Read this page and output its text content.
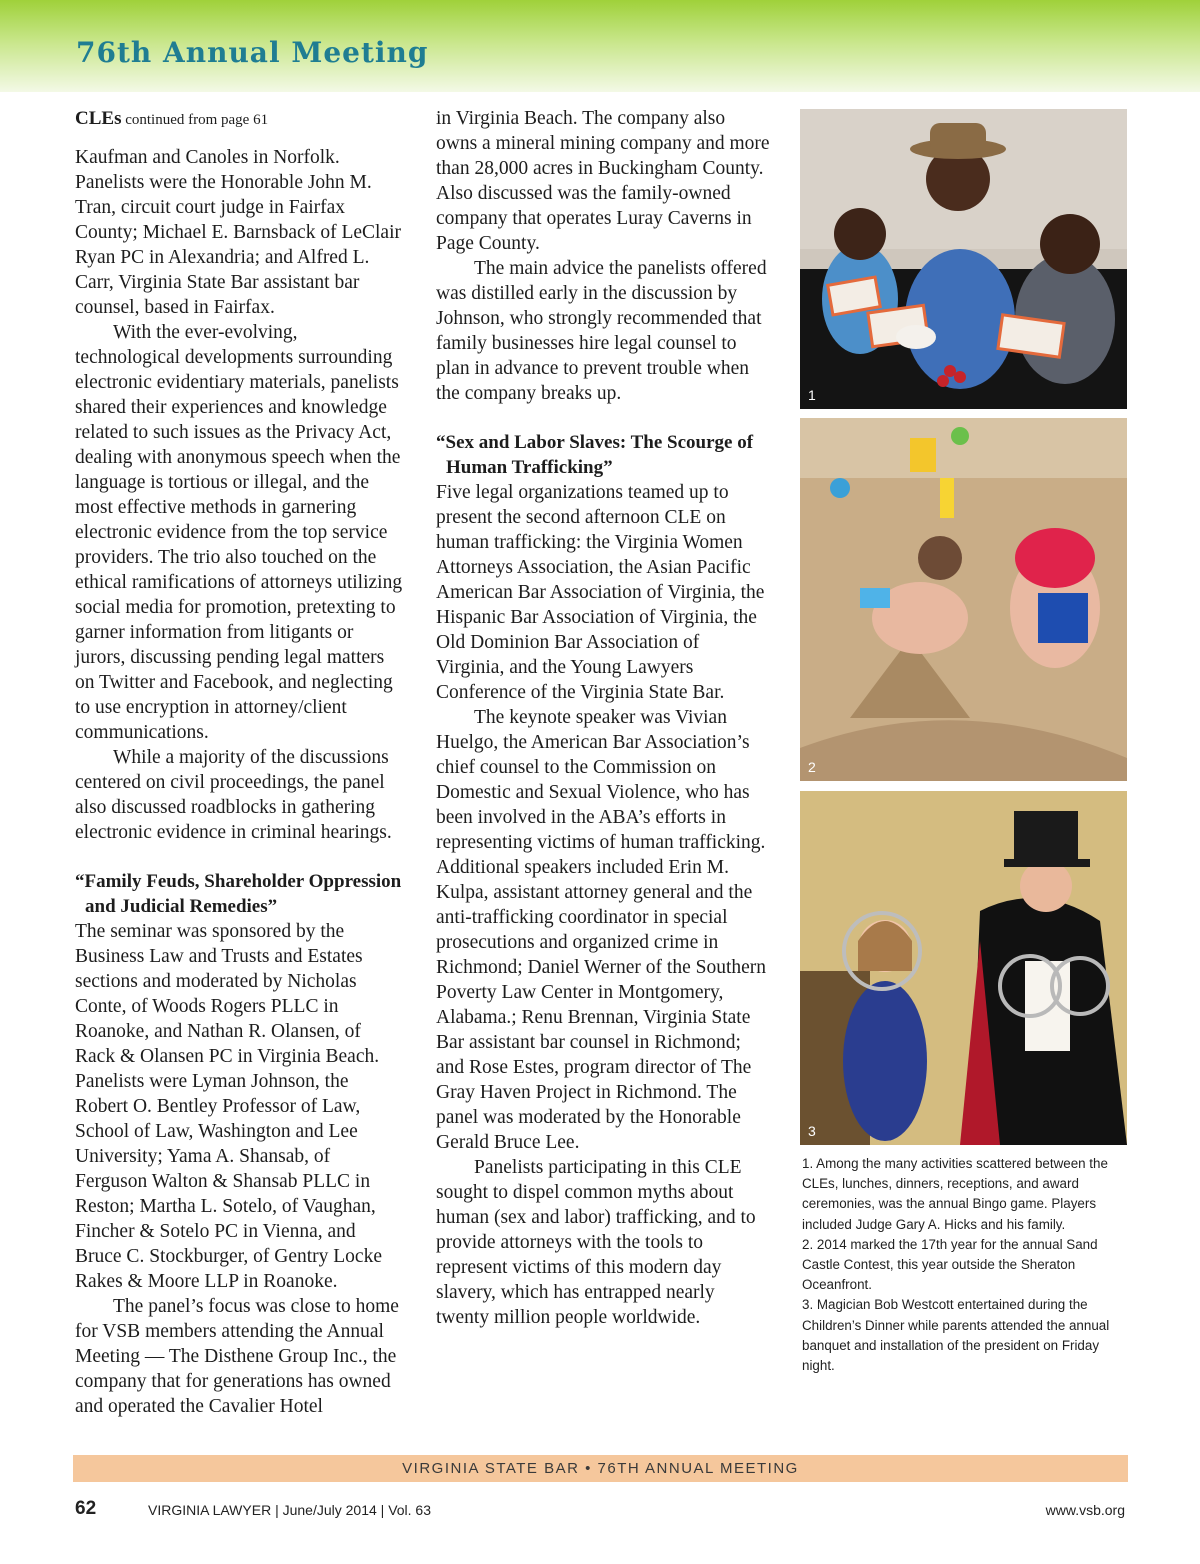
76th Annual Meeting

CLEs continued from page 61

Kaufman and Canoles in Norfolk. Panelists were the Honorable John M. Tran, circuit court judge in Fairfax County; Michael E. Barnsback of LeClair Ryan PC in Alexandria; and Alfred L. Carr, Virginia State Bar assistant bar counsel, based in Fairfax.

With the ever-evolving, technological developments surrounding electronic evidentiary materials, panelists shared their experiences and knowledge related to such issues as the Privacy Act, dealing with anonymous speech when the language is tortious or illegal, and the most effective methods in garnering electronic evidence from the top service providers. The trio also touched on the ethical ramifications of attorneys utilizing social media for promotion, pretexting to garner information from litigants or jurors, discussing pending legal matters on Twitter and Facebook, and neglecting to use encryption in attorney/client communications.

While a majority of the discussions centered on civil proceedings, the panel also discussed roadblocks in gathering electronic evidence in criminal hearings.

“Family Feuds, Shareholder Oppression and Judicial Remedies”

The seminar was sponsored by the Business Law and Trusts and Estates sections and moderated by Nicholas Conte, of Woods Rogers PLLC in Roanoke, and Nathan R. Olansen, of Rack & Olansen PC in Virginia Beach. Panelists were Lyman Johnson, the Robert O. Bentley Professor of Law, School of Law, Washington and Lee University; Yama A. Shansab, of Ferguson Walton & Shansab PLLC in Reston; Martha L. Sotelo, of Vaughan, Fincher & Sotelo PC in Vienna, and Bruce C. Stockburger, of Gentry Locke Rakes & Moore LLP in Roanoke.

The panel’s focus was close to home for VSB members attending the Annual Meeting — The Disthene Group Inc., the company that for generations has owned and operated the Cavalier Hotel

in Virginia Beach. The company also owns a mineral mining company and more than 28,000 acres in Buckingham County. Also discussed was the family-owned company that operates Luray Caverns in Page County.

The main advice the panelists offered was distilled early in the discussion by Johnson, who strongly recommended that family businesses hire legal counsel to plan in advance to prevent trouble when the company breaks up.

“Sex and Labor Slaves: The Scourge of Human Trafficking”

Five legal organizations teamed up to present the second afternoon CLE on human trafficking: the Virginia Women Attorneys Association, the Asian Pacific American Bar Association of Virginia, the Hispanic Bar Association of Virginia, the Old Dominion Bar Association of Virginia, and the Young Lawyers Conference of the Virginia State Bar.

The keynote speaker was Vivian Huelgo, the American Bar Association’s chief counsel to the Commission on Domestic and Sexual Violence, who has been involved in the ABA’s efforts in representing victims of human trafficking. Additional speakers included Erin M. Kulpa, assistant attorney general and the anti-trafficking coordinator in special prosecutions and organized crime in Richmond; Daniel Werner of the Southern Poverty Law Center in Montgomery, Alabama.; Renu Brennan, Virginia State Bar assistant bar counsel in Richmond; and Rose Estes, program director of The Gray Haven Project in Richmond. The panel was moderated by the Honorable Gerald Bruce Lee.

Panelists participating in this CLE sought to dispel common myths about human (sex and labor) trafficking, and to provide attorneys with the tools to represent victims of this modern day slavery, which has entrapped nearly twenty million people worldwide.

1
2
3

1. Among the many activities scattered between the CLEs, lunches, dinners, receptions, and award ceremonies, was the annual Bingo game. Players included Judge Gary A. Hicks and his family.

2. 2014 marked the 17th year for the annual Sand Castle Contest, this year outside the Sheraton Oceanfront.

3. Magician Bob Westcott entertained during the Children’s Dinner while parents attended the annual banquet and installation of the president on Friday night.

VIRGINIA STATE BAR • 76TH ANNUAL MEETING
62	VIRGINIA LAWYER | June/July 2014 | Vol. 63	www.vsb.org
